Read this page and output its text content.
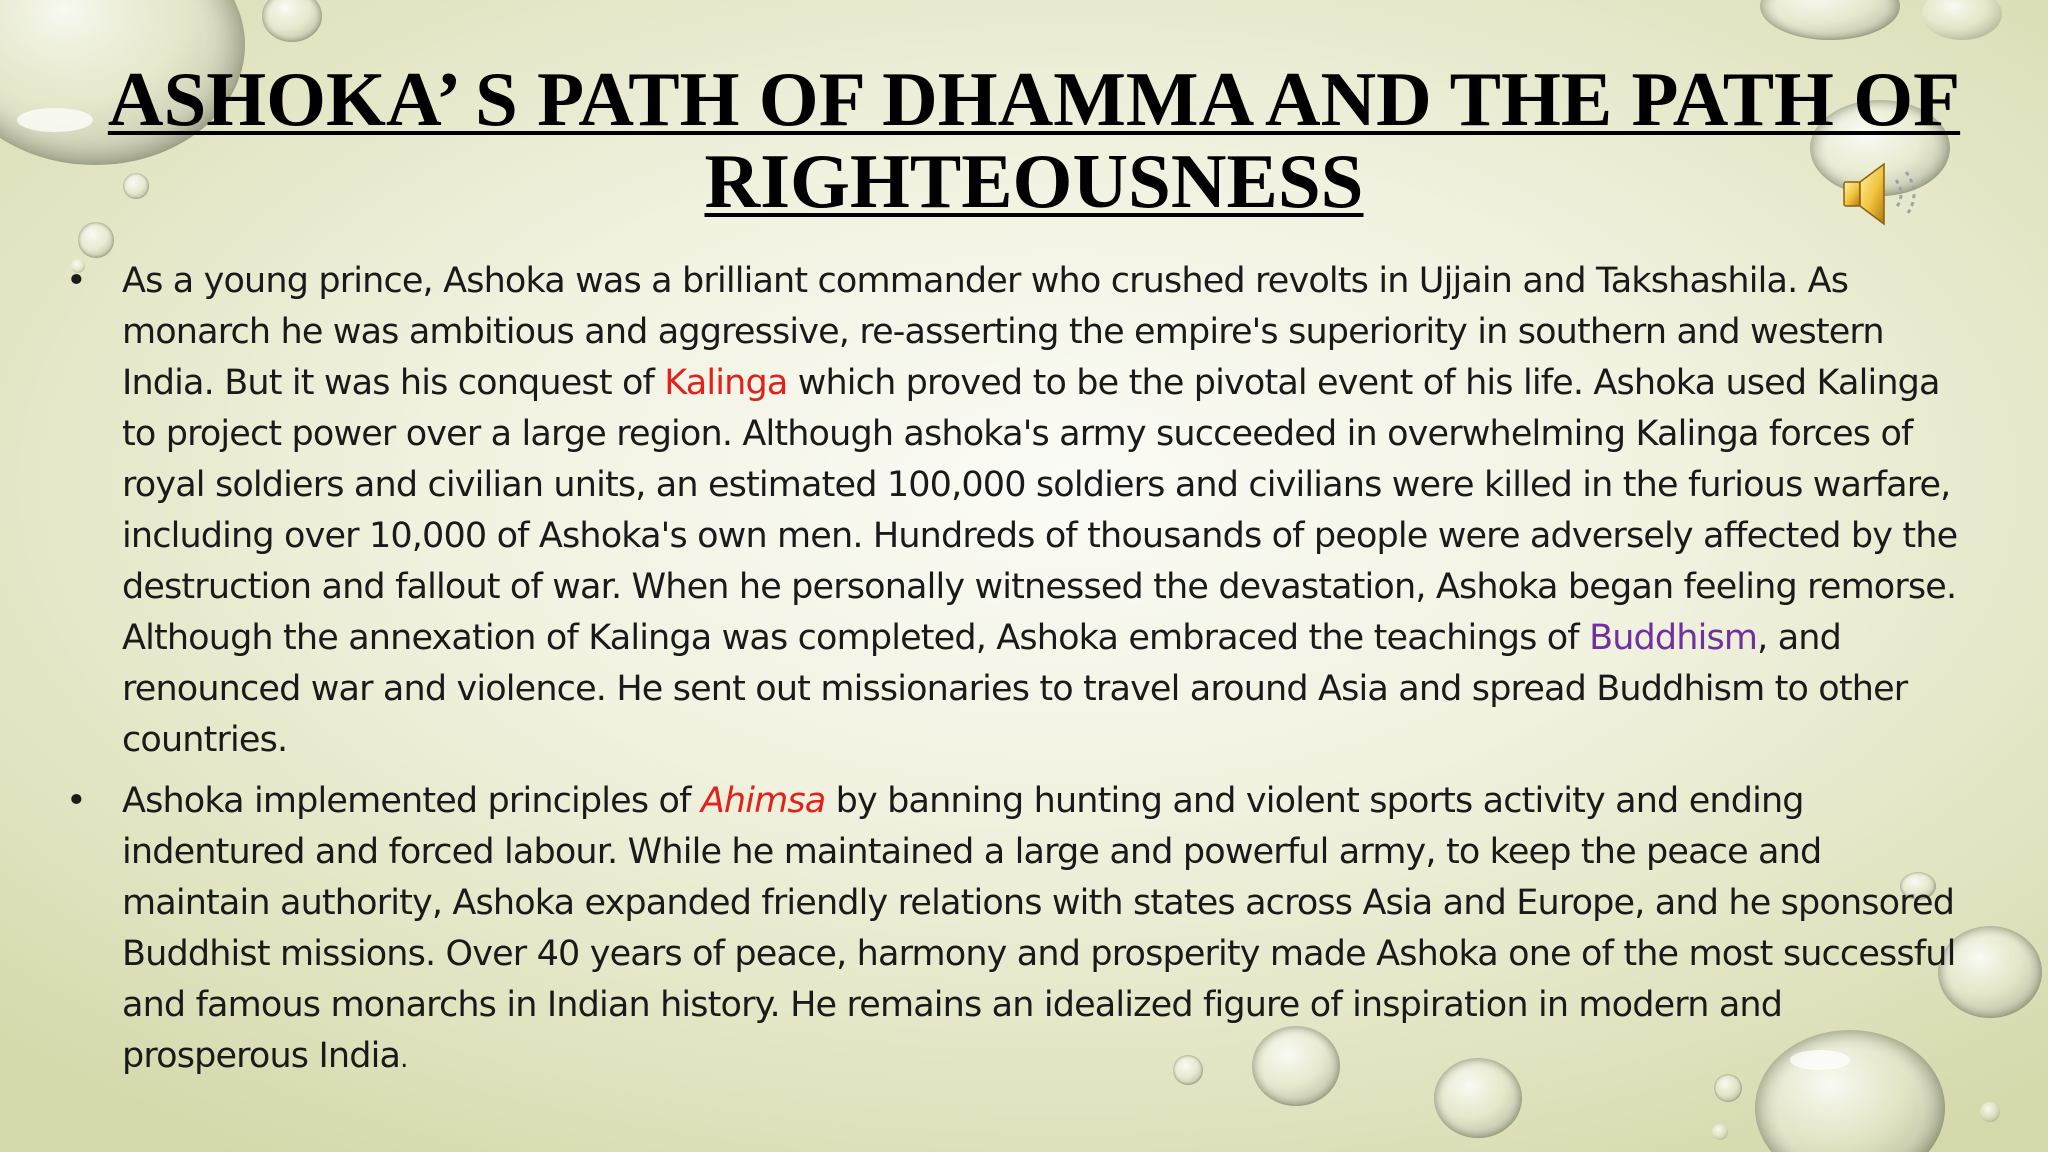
ASHOKA’ S PATH OF DHAMMA AND THE PATH OF
RIGHTEOUSNESS
• As a young prince, Ashoka was a brilliant commander who crushed revolts in Ujjain and Takshashila. As monarch he was ambitious and aggressive, re-asserting the empire's superiority in southern and western India. But it was his conquest of Kalinga which proved to be the pivotal event of his life. Ashoka used Kalinga to project power over a large region. Although ashoka's army succeeded in overwhelming Kalinga forces of royal soldiers and civilian units, an estimated 100,000 soldiers and civilians were killed in the furious warfare, including over 10,000 of Ashoka's own men. Hundreds of thousands of people were adversely affected by the destruction and fallout of war. When he personally witnessed the devastation, Ashoka began feeling remorse. Although the annexation of Kalinga was completed, Ashoka embraced the teachings of Buddhism, and renounced war and violence. He sent out missionaries to travel around Asia and spread Buddhism to other countries.
• Ashoka implemented principles of Ahimsa by banning hunting and violent sports activity and ending indentured and forced labour. While he maintained a large and powerful army, to keep the peace and maintain authority, Ashoka expanded friendly relations with states across Asia and Europe, and he sponsored Buddhist missions. Over 40 years of peace, harmony and prosperity made Ashoka one of the most successful and famous monarchs in Indian history. He remains an idealized figure of inspiration in modern and prosperous India.
